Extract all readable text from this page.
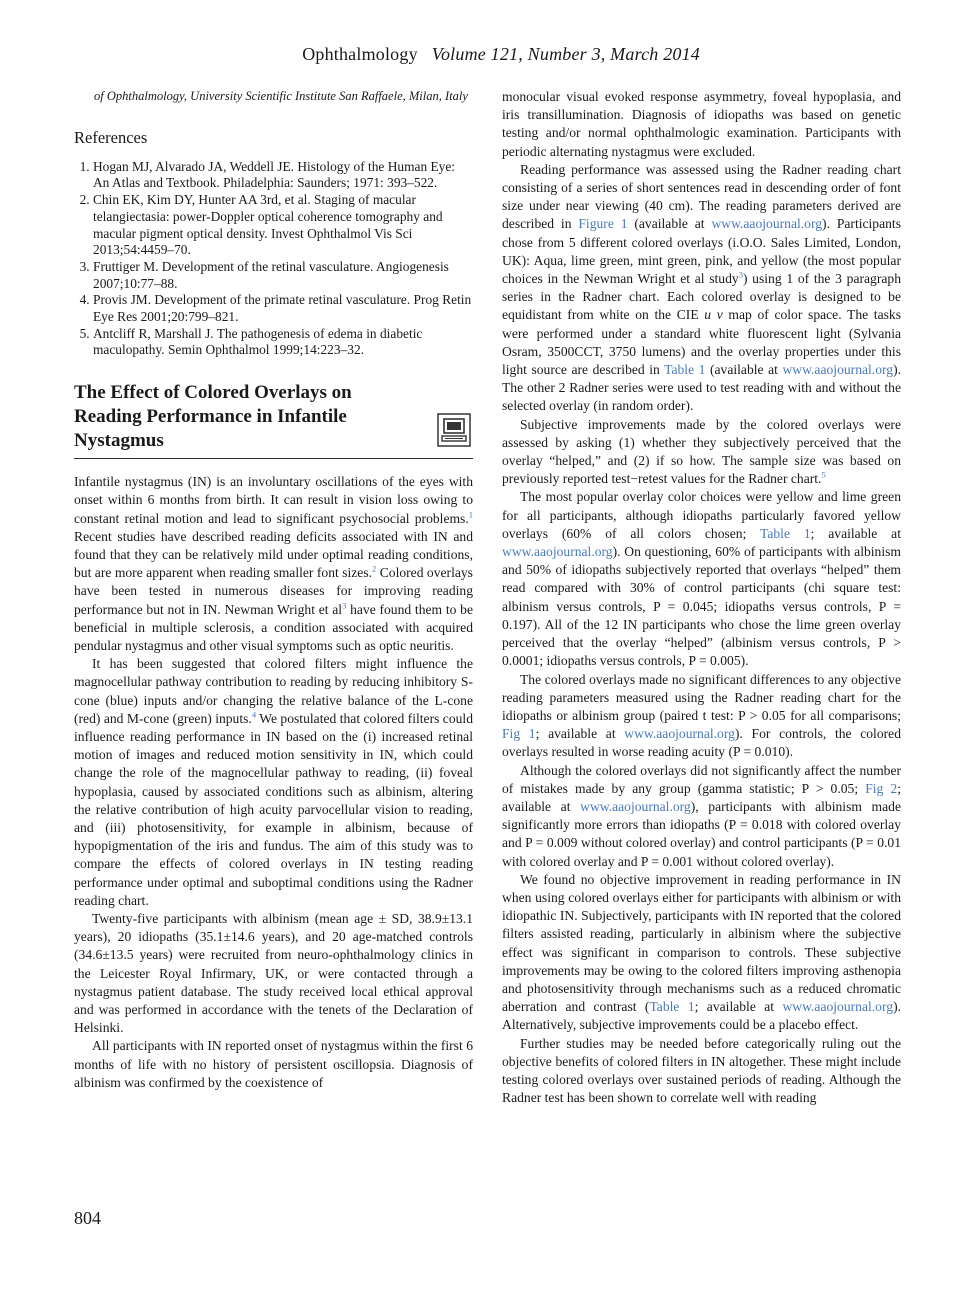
Ophthalmology Volume 121, Number 3, March 2014

of Ophthalmology, University Scientific Institute San Raffaele, Milan, Italy

References
1. Hogan MJ, Alvarado JA, Weddell JE. Histology of the Human Eye: An Atlas and Textbook. Philadelphia: Saunders; 1971: 393–522.
2. Chin EK, Kim DY, Hunter AA 3rd, et al. Staging of macular telangiectasia: power-Doppler optical coherence tomography and macular pigment optical density. Invest Ophthalmol Vis Sci 2013;54:4459–70.
3. Fruttiger M. Development of the retinal vasculature. Angiogenesis 2007;10:77–88.
4. Provis JM. Development of the primate retinal vasculature. Prog Retin Eye Res 2001;20:799–821.
5. Antcliff R, Marshall J. The pathogenesis of edema in diabetic maculopathy. Semin Ophthalmol 1999;14:223–32.
The Effect of Colored Overlays on Reading Performance in Infantile Nystagmus

Infantile nystagmus (IN) is an involuntary oscillations of the eyes with onset within 6 months from birth. It can result in vision loss owing to constant retinal motion and lead to significant psychosocial problems.$^1$ Recent studies have described reading deficits associated with IN and found that they can be relatively mild under optimal reading conditions, but are more apparent when reading smaller font sizes.$^2$ Colored overlays have been tested in numerous diseases for improving reading performance but not in IN. Newman Wright et $al^3$ have found them to be beneficial in multiple sclerosis, a condition associated with acquired pendular nystagmus and other visual symptoms such as optic neuritis.

It has been suggested that colored filters might influence the magnocellular pathway contribution to reading by reducing inhibitory S-cone (blue) inputs and/or changing the relative balance of the L-cone (red) and M-cone (green) inputs.$^4$ We postulated that colored filters could influence reading performance in IN based on the (i) increased retinal motion of images and reduced motion sensitivity in IN, which could change the role of the magnocellular pathway to reading, (ii) foveal hypoplasia, caused by associated conditions such as albinism, altering the relative contribution of high acuity parvocellular vision to reading, and (iii) photosensitivity, for example in albinism, because of hypopigmentation of the iris and fundus. The aim of this study was to compare the effects of colored overlays in IN testing reading performance under optimal and suboptimal conditions using the Radner reading chart.

Twenty-five participants with albinism (mean age ± SD, 38.9±13.1 years), 20 idiopaths (35.1±14.6 years), and 20 age-matched controls (34.6±13.5 years) were recruited from neuro-ophthalmology clinics in the Leicester Royal Infirmary, UK, or were contacted through a nystagmus patient database. The study received local ethical approval and was performed in accordance with the tenets of the Declaration of Helsinki.

All participants with IN reported onset of nystagmus within the first 6 months of life with no history of persistent oscillopsia. Diagnosis of albinism was confirmed by the coexistence of

monocular visual evoked response asymmetry, foveal hypoplasia, and iris transillumination. Diagnosis of idiopaths was based on genetic testing and/or normal ophthalmologic examination. Participants with periodic alternating nystagmus were excluded.

Reading performance was assessed using the Radner reading chart consisting of a series of short sentences read in descending order of font size under near viewing (40 cm). The reading parameters derived are described in Figure 1 (available at www.aaojournal.org). Participants chose from 5 different colored overlays (i.O.O. Sales Limited, London, UK): Aqua, lime green, mint green, pink, and yellow (the most popular choices in the Newman Wright et al study$^3$) using 1 of the 3 paragraph series in the Radner chart. Each colored overlay is designed to be equidistant from white on the CIE u v map of color space. The tasks were performed under a standard white fluorescent light (Sylvania Osram, 3500CCT, 3750 lumens) and the overlay properties under this light source are described in Table 1 (available at www.aaojournal.org). The other 2 Radner series were used to test reading with and without the selected overlay (in random order).

Subjective improvements made by the colored overlays were assessed by asking (1) whether they subjectively perceived that the overlay “helped,” and (2) if so how. The sample size was based on previously reported test−retest values for the Radner chart.$^5$

The most popular overlay color choices were yellow and lime green for all participants, although idiopaths particularly favored yellow overlays (60% of all colors chosen; Table 1; available at www.aaojournal.org). On questioning, 60% of participants with albinism and 50% of idiopaths subjectively reported that overlays “helped” them read compared with 30% of control participants (chi square test: albinism versus controls, P = 0.045; idiopaths versus controls, P = 0.197). All of the 12 IN participants who chose the lime green overlay perceived that the overlay “helped” (albinism versus controls, P > 0.0001; idiopaths versus controls, P = 0.005).

The colored overlays made no significant differences to any objective reading parameters measured using the Radner reading chart for the idiopaths or albinism group (paired t test: P > 0.05 for all comparisons; Fig 1; available at www.aaojournal.org). For controls, the colored overlays resulted in worse reading acuity (P = 0.010).

Although the colored overlays did not significantly affect the number of mistakes made by any group (gamma statistic; P > 0.05; Fig 2; available at www.aaojournal.org), participants with albinism made significantly more errors than idiopaths (P = 0.018 with colored overlay and P = 0.009 without colored overlay) and control participants (P = 0.01 with colored overlay and P = 0.001 without colored overlay).

We found no objective improvement in reading performance in IN when using colored overlays either for participants with albinism or with idiopathic IN. Subjectively, participants with IN reported that the colored filters assisted reading, particularly in albinism where the subjective effect was significant in comparison to controls. These subjective improvements may be owing to the colored filters improving asthenopia and photosensitivity through mechanisms such as a reduced chromatic aberration and contrast (Table 1; available at www.aaojournal.org). Alternatively, subjective improvements could be a placebo effect.

Further studies may be needed before categorically ruling out the objective benefits of colored filters in IN altogether. These might include testing colored overlays over sustained periods of reading. Although the Radner test has been shown to correlate well with reading

804
